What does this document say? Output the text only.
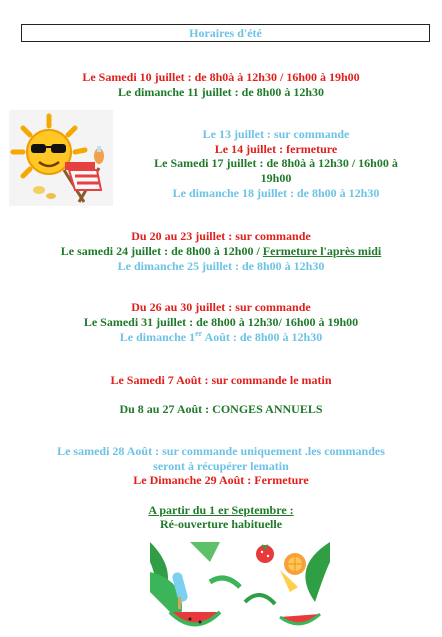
Horaires d'été
Le Samedi 10 juillet : de 8h0à à 12h30 / 16h00 à 19h00
Le dimanche 11 juillet : de 8h00 à 12h30
Le 13 juillet : sur commande
Le 14 juillet : fermeture
Le Samedi 17 juillet : de 8h0à à 12h30 / 16h00 à
19h00
Le dimanche 18 juillet : de 8h00 à 12h30
Du 20 au 23 juillet : sur commande
Le samedi 24 juillet : de 8h00 à 12h00 / Fermeture l'après midi
Le dimanche 25 juillet : de 8h00 à 12h30
Du 26 au 30 juillet : sur commande
Le Samedi 31 juillet : de 8h00 à 12h30/ 16h00 à 19h00
Le dimanche 1er Août : de 8h00 à 12h30
Le Samedi 7 Août : sur commande le matin
Du 8 au 27 Août : CONGES ANNUELS
Le samedi 28 Août : sur commande uniquement .les commandes
seront à récupérer lematin
Le Dimanche 29 Août : Fermeture
A partir du 1 er Septembre :
Ré-ouverture habituelle
